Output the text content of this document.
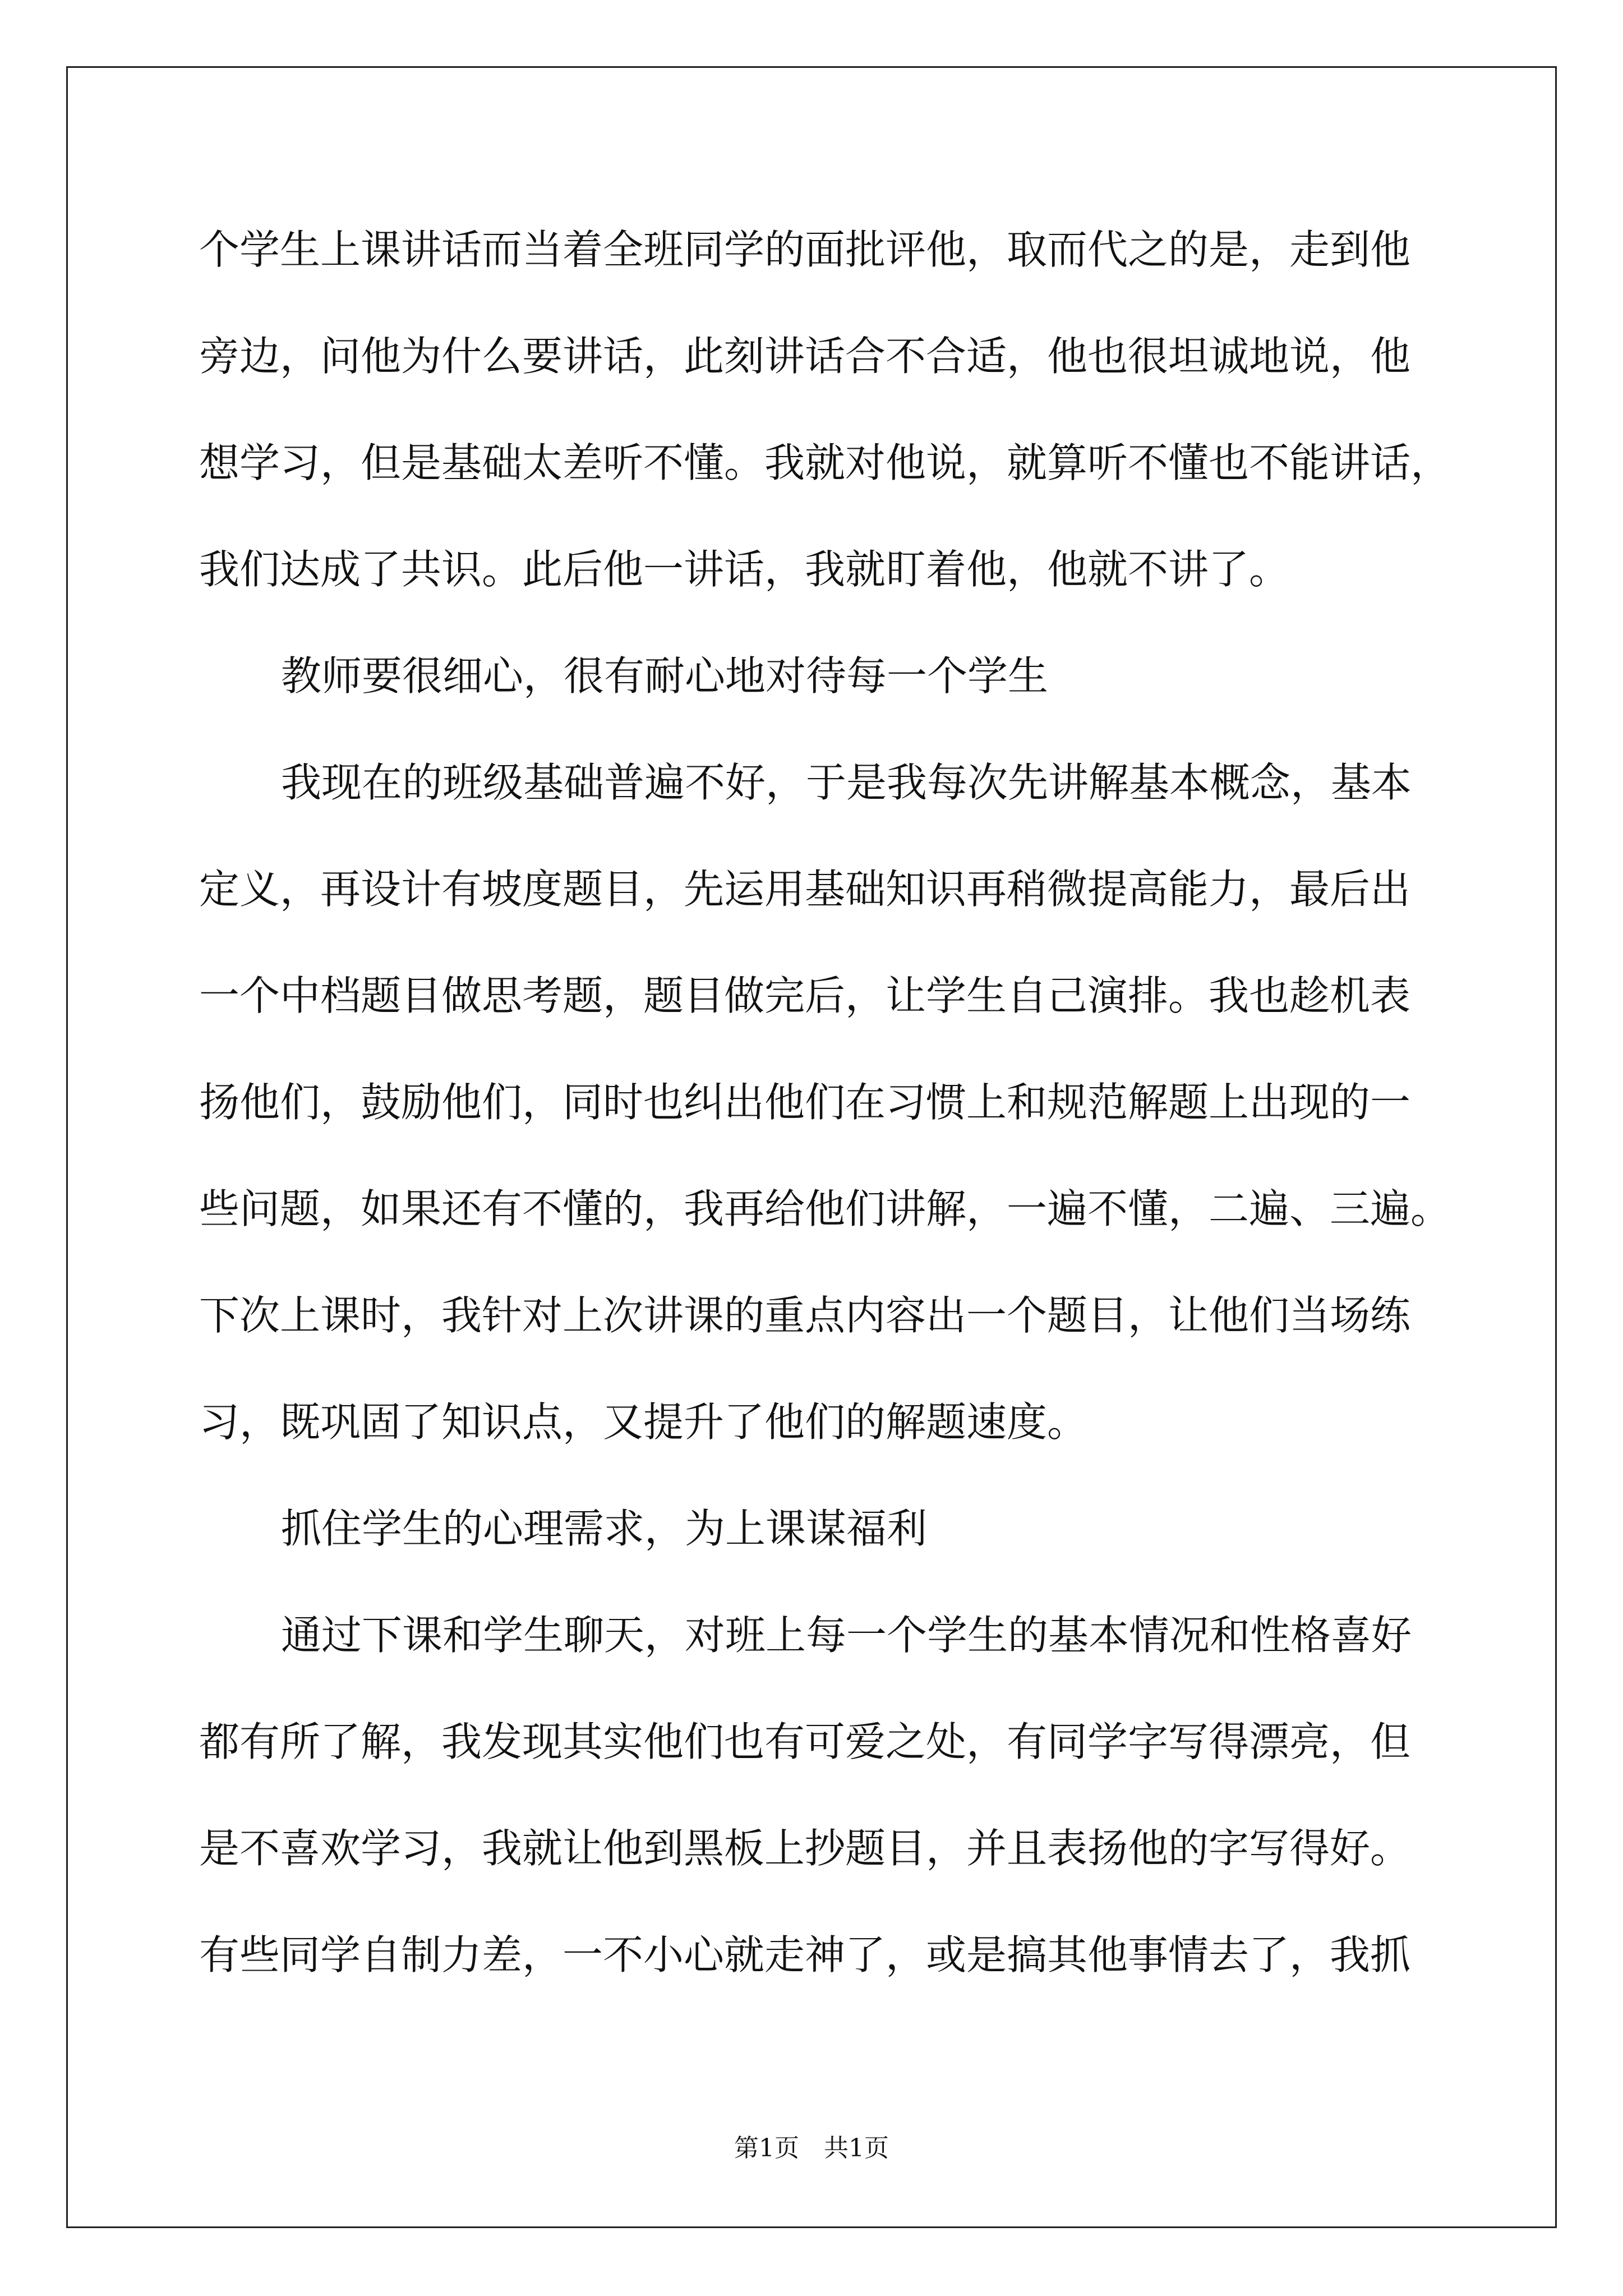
个学生上课讲话而当着全班同学的面批评他，取而代之的是，走到他
旁边，问他为什么要讲话，此刻讲话合不合适，他也很坦诚地说，他
想学习，但是基础太差听不懂。我就对他说，就算听不懂也不能讲话，
我们达成了共识。此后他一讲话，我就盯着他，他就不讲了。
教师要很细心，很有耐心地对待每一个学生
我现在的班级基础普遍不好，于是我每次先讲解基本概念，基本
定义，再设计有坡度题目，先运用基础知识再稍微提高能力，最后出
一个中档题目做思考题，题目做完后，让学生自己演排。我也趁机表
扬他们，鼓励他们，同时也纠出他们在习惯上和规范解题上出现的一
些问题，如果还有不懂的，我再给他们讲解，一遍不懂，二遍、三遍。
下次上课时，我针对上次讲课的重点内容出一个题目，让他们当场练
习，既巩固了知识点，又提升了他们的解题速度。
抓住学生的心理需求，为上课谋福利
通过下课和学生聊天，对班上每一个学生的基本情况和性格喜好
都有所了解，我发现其实他们也有可爱之处，有同学字写得漂亮，但
是不喜欢学习，我就让他到黑板上抄题目，并且表扬他的字写得好。
有些同学自制力差，一不小心就走神了，或是搞其他事情去了，我抓
第1页　共1页
